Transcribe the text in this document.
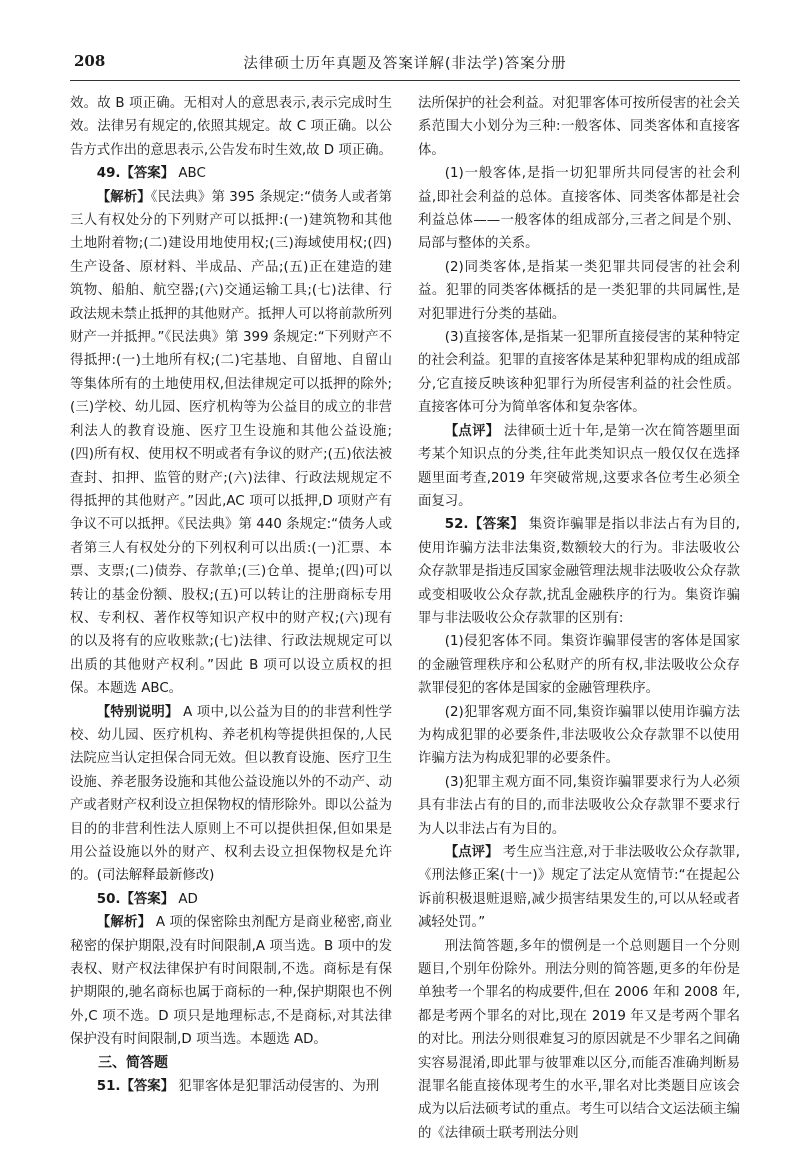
208	法律硕士历年真题及答案详解(非法学)答案分册

效。故 B 项正确。无相对人的意思表示,表示完成时生效。法律另有规定的,依照其规定。故 C 项正确。以公告方式作出的意思表示,公告发布时生效,故 D 项正确。

49.【答案】 ABC

【解析】《民法典》第 395 条规定:“债务人或者第三人有权处分的下列财产可以抵押:(一)建筑物和其他土地附着物;(二)建设用地使用权;(三)海域使用权;(四)生产设备、原材料、半成品、产品;(五)正在建造的建筑物、船舶、航空器;(六)交通运输工具;(七)法律、行政法规未禁止抵押的其他财产。抵押人可以将前款所列财产一并抵押。”《民法典》第 399 条规定:“下列财产不得抵押:(一)土地所有权;(二)宅基地、自留地、自留山等集体所有的土地使用权,但法律规定可以抵押的除外;(三)学校、幼儿园、医疗机构等为公益目的成立的非营利法人的教育设施、医疗卫生设施和其他公益设施;(四)所有权、使用权不明或者有争议的财产;(五)依法被查封、扣押、监管的财产;(六)法律、行政法规规定不得抵押的其他财产。”因此,AC 项可以抵押,D 项财产有争议不可以抵押。《民法典》第 440 条规定:“债务人或者第三人有权处分的下列权利可以出质:(一)汇票、本票、支票;(二)债券、存款单;(三)仓单、提单;(四)可以转让的基金份额、股权;(五)可以转让的注册商标专用权、专利权、著作权等知识产权中的财产权;(六)现有的以及将有的应收账款;(七)法律、行政法规规定可以出质的其他财产权利。”因此 B 项可以设立质权的担保。本题选 ABC。

【特别说明】 A 项中,以公益为目的的非营利性学校、幼儿园、医疗机构、养老机构等提供担保的,人民法院应当认定担保合同无效。但以教育设施、医疗卫生设施、养老服务设施和其他公益设施以外的不动产、动产或者财产权利设立担保物权的情形除外。即以公益为目的的非营利性法人原则上不可以提供担保,但如果是用公益设施以外的财产、权利去设立担保物权是允许的。(司法解释最新修改)

50.【答案】 AD

【解析】 A 项的保密除虫剂配方是商业秘密,商业秘密的保护期限,没有时间限制,A 项当选。B 项中的发表权、财产权法律保护有时间限制,不选。商标是有保护期限的,驰名商标也属于商标的一种,保护期限也不例外,C 项不选。D 项只是地理标志,不是商标,对其法律保护没有时间限制,D 项当选。本题选 AD。

三、简答题

51.【答案】 犯罪客体是犯罪活动侵害的、为刑

法所保护的社会利益。对犯罪客体可按所侵害的社会关系范围大小划分为三种:一般客体、同类客体和直接客体。

(1)一般客体,是指一切犯罪所共同侵害的社会利益,即社会利益的总体。直接客体、同类客体都是社会利益总体——一般客体的组成部分,三者之间是个别、局部与整体的关系。

(2)同类客体,是指某一类犯罪共同侵害的社会利益。犯罪的同类客体概括的是一类犯罪的共同属性,是对犯罪进行分类的基础。

(3)直接客体,是指某一犯罪所直接侵害的某种特定的社会利益。犯罪的直接客体是某种犯罪构成的组成部分,它直接反映该种犯罪行为所侵害利益的社会性质。直接客体可分为简单客体和复杂客体。

【点评】 法律硕士近十年,是第一次在简答题里面考某个知识点的分类,往年此类知识点一般仅仅在选择题里面考查,2019 年突破常规,这要求各位考生必须全面复习。

52.【答案】 集资诈骗罪是指以非法占有为目的,使用诈骗方法非法集资,数额较大的行为。非法吸收公众存款罪是指违反国家金融管理法规非法吸收公众存款或变相吸收公众存款,扰乱金融秩序的行为。集资诈骗罪与非法吸收公众存款罪的区别有:

(1)侵犯客体不同。集资诈骗罪侵害的客体是国家的金融管理秩序和公私财产的所有权,非法吸收公众存款罪侵犯的客体是国家的金融管理秩序。

(2)犯罪客观方面不同,集资诈骗罪以使用诈骗方法为构成犯罪的必要条件,非法吸收公众存款罪不以使用诈骗方法为构成犯罪的必要条件。

(3)犯罪主观方面不同,集资诈骗罪要求行为人必须具有非法占有的目的,而非法吸收公众存款罪不要求行为人以非法占有为目的。

【点评】 考生应当注意,对于非法吸收公众存款罪,《刑法修正案(十一)》规定了法定从宽情节:“在提起公诉前积极退赃退赔,减少损害结果发生的,可以从轻或者减轻处罚。”

刑法简答题,多年的惯例是一个总则题目一个分则题目,个别年份除外。刑法分则的简答题,更多的年份是单独考一个罪名的构成要件,但在 2006 年和 2008 年,都是考两个罪名的对比,现在 2019 年又是考两个罪名的对比。刑法分则很难复习的原因就是不少罪名之间确实容易混淆,即此罪与彼罪难以区分,而能否准确判断易混罪名能直接体现考生的水平,罪名对比类题目应该会成为以后法硕考试的重点。考生可以结合文运法硕主编的《法律硕士联考刑法分则
